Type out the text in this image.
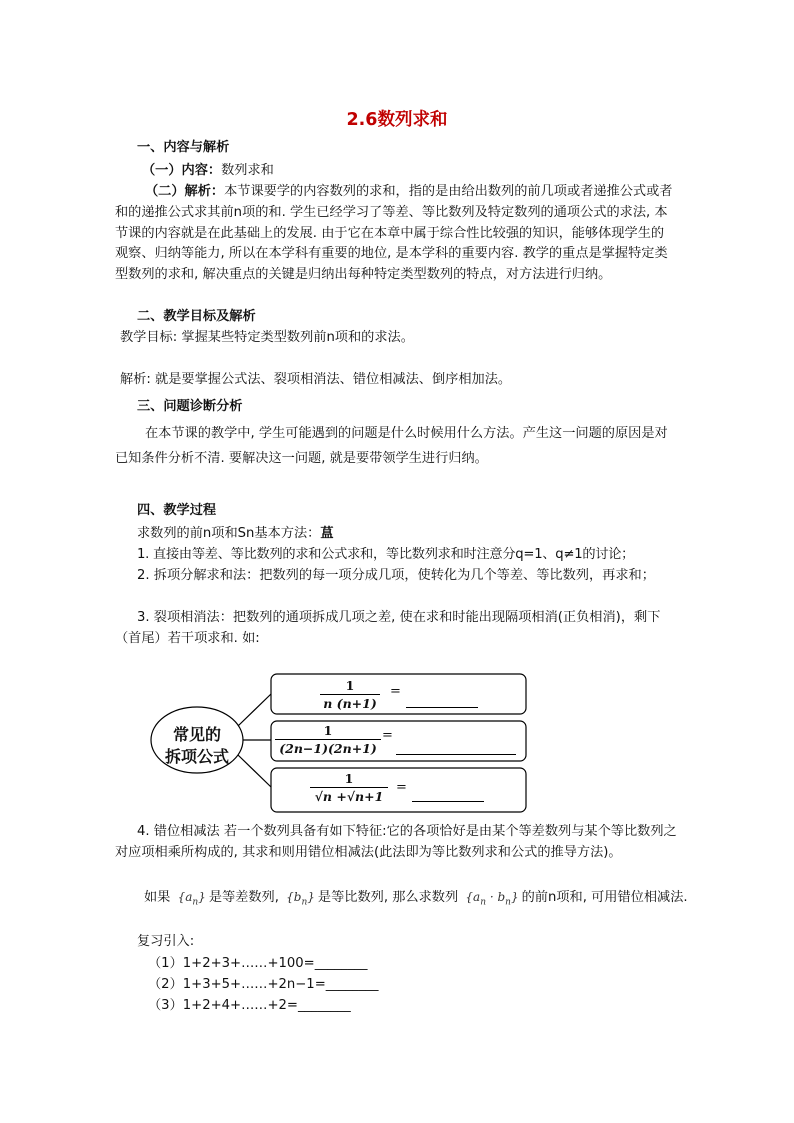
2.6数列求和
一、内容与解析
（一）内容：数列求和
（二）解析：本节课要学的内容数列的求和，指的是由给出数列的前几项或者递推公式或者和的递推公式求其前n项的和. 学生已经学习了等差、等比数列及特定数列的通项公式的求法, 本节课的内容就是在此基础上的发展. 由于它在本章中属于综合性比较强的知识，能够体现学生的观察、归纳等能力, 所以在本学科有重要的地位, 是本学科的重要内容. 教学的重点是掌握特定类型数列的求和, 解决重点的关键是归纳出每种特定类型数列的特点，对方法进行归纳。
二、教学目标及解析
教学目标: 掌握某些特定类型数列前n项和的求法。
解析: 就是要掌握公式法、裂项相消法、错位相减法、倒序相加法。
三、问题诊断分析
在本节课的教学中, 学生可能遇到的问题是什么时候用什么方法。产生这一问题的原因是对已知条件分析不清. 要解决这一问题, 就是要带领学生进行归纳。
四、教学过程
求数列的前n项和Sn基本方法：蒀
1. 直接由等差、等比数列的求和公式求和，等比数列求和时注意分q=1、q≠1的讨论；
2. 拆项分解求和法：把数列的每一项分成几项，使转化为几个等差、等比数列，再求和；
3. 裂项相消法：把数列的通项拆成几项之差, 使在求和时能出现隔项相消(正负相消)，剩下（首尾）若干项求和. 如:
常见的
拆项公式
1
n (n+1)
=
1
(2n−1)(2n+1)
=
1
√n +√n+1
=
4. 错位相减法 若一个数列具备有如下特征:它的各项恰好是由某个等差数列与某个等比数列之对应项相乘所构成的, 其求和则用错位相减法(此法即为等比数列求和公式的推导方法)。
如果 $\{a_n\}$ 是等差数列, $\{b_n\}$ 是等比数列, 那么求数列 $\{a_n \cdot b_n\}$ 的前n项和, 可用错位相减法.
复习引入:
（1）1+2+3+……+100=________
（2）1+3+5+……+2n−1=________
（3）1+2+4+……+2=________
